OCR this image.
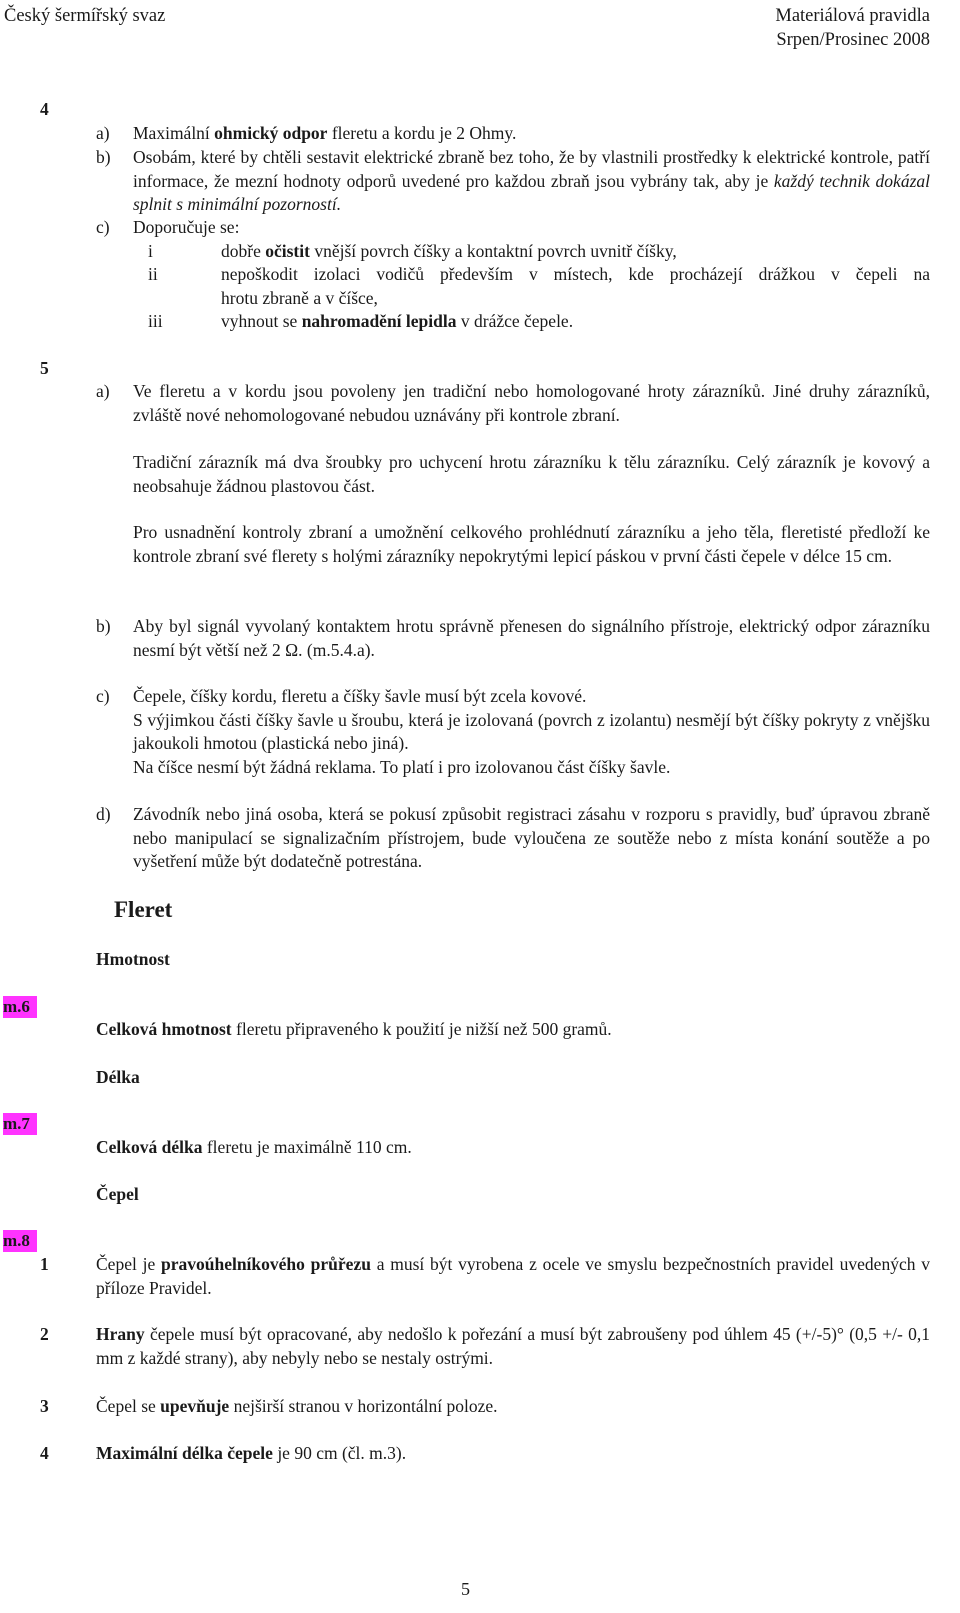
Český šermířský svaz	Materiálová pravidla
Srpen/Prosinec 2008
4
a) Maximální ohmický odpor fleretu a kordu je 2 Ohmy.
b) Osobám, které by chtěli sestavit elektrické zbraně bez toho, že by vlastnili prostředky k elektrické kontrole, patří informace, že mezní hodnoty odporů uvedené pro každou zbraň jsou vybrány tak, aby je každý technik dokázal splnit s minimální pozorností.

c) Doporučuje se:
i	dobře očistit vnější povrch číšky a kontaktní povrch uvnitř číšky,
ii	nepoškodit izolaci vodičů především v místech, kde procházejí drážkou v čepeli na
hrotu zbraně a v číšce,
iii	vyhnout se nahromadění lepidla v drážce čepele.
5
a) Ve fleretu a v kordu jsou povoleny jen tradiční nebo homologované hroty zárazníků. Jiné druhy zárazníků, zvláště nové nehomologované nebudou uznávány při kontrole zbraní.

Tradiční zárazník má dva šroubky pro uchycení hrotu zárazníku k tělu zárazníku. Celý zárazník je kovový a neobsahuje žádnou plastovou část.

Pro usnadnění kontroly zbraní a umožnění celkového prohlédnutí zárazníku a jeho těla, fleretisté předloží ke kontrole zbraní své flerety s holými zárazníky nepokrytými lepicí páskou v první části čepele v délce 15 cm.

b) Aby byl signál vyvolaný kontaktem hrotu správně přenesen do signálního přístroje, elektrický odpor zárazníku nesmí být větší než 2 Ω. (m.5.4.a).

c) Čepele, číšky kordu, fleretu a číšky šavle musí být zcela kovové.

S výjimkou části číšky šavle u šroubu, která je izolovaná (povrch z izolantu) nesmějí být číšky pokryty z vnějšku jakoukoli hmotou (plastická nebo jiná).

Na číšce nesmí být žádná reklama. To platí i pro izolovanou část číšky šavle.

d) Závodník nebo jiná osoba, která se pokusí způsobit registraci zásahu v rozporu s pravidly, buď úpravou zbraně nebo manipulací se signalizačním přístrojem, bude vyloučena ze soutěže nebo z místa konání soutěže a po vyšetření může být dodatečně potrestána.

Fleret
Hmotnost
m.6
Celková hmotnost fleretu připraveného k použití je nižší než 500 gramů.
Délka
m.7
Celková délka fleretu je maximálně 110 cm.
Čepel
m.8
1	Čepel je pravoúhelníkového průřezu a musí být vyrobena z ocele ve smyslu bezpečnostních pravidel uvedených v příloze Pravidel.

2	Hrany čepele musí být opracované, aby nedošlo k pořezání a musí být zabroušeny pod úhlem 45 (+/-5)° (0,5 +/- 0,1 mm z každé strany), aby nebyly nebo se nestaly ostrými.

3	Čepel se upevňuje nejširší stranou v horizontální poloze.

4	Maximální délka čepele je 90 cm (čl. m.3).

5
